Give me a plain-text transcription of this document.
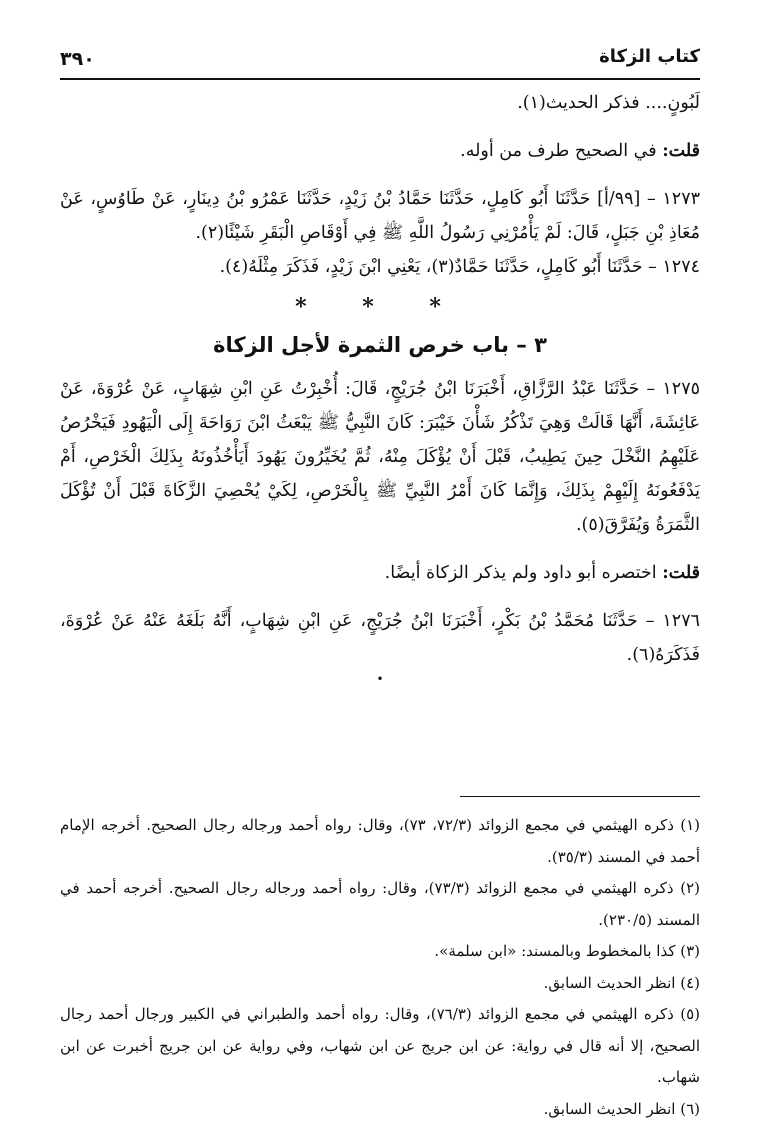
كتاب الزكاة
٣٩٠

لَبُونٍ.... فذكر الحديث(١).

قلت: في الصحيح طرف من أوله.

١٢٧٣ – [٩٩/أ] حَدَّثَنَا أَبُو كَامِلٍ، حَدَّثَنَا حَمَّادُ بْنُ زَيْدٍ، حَدَّثَنَا عَمْرُو بْنُ دِينَارٍ، عَنْ طَاوُسٍ، عَنْ مُعَاذِ بْنِ جَبَلٍ، قَالَ: لَمْ يَأْمُرْنِي رَسُولُ اللَّهِ ﷺ فِي أَوْقَاصِ الْبَقَرِ شَيْئًا(٢).

١٢٧٤ – حَدَّثَنَا أَبُو كَامِلٍ، حَدَّثَنَا حَمَّادٌ(٣)، يَعْنِي ابْنَ زَيْدٍ، فَذَكَرَ مِثْلَهُ(٤).

* * *
٣ – باب خرص الثمرة لأجل الزكاة

١٢٧٥ – حَدَّثَنَا عَبْدُ الرَّزَّاقِ، أَخْبَرَنَا ابْنُ جُرَيْجٍ، قَالَ: أُخْبِرْتُ عَنِ ابْنِ شِهَابٍ، عَنْ عُرْوَةَ، عَنْ عَائِشَةَ، أَنَّهَا قَالَتْ وَهِيَ تَذْكُرُ شَأْنَ خَيْبَرَ: كَانَ النَّبِيُّ ﷺ يَبْعَثُ ابْنَ رَوَاحَةَ إِلَى الْيَهُودِ فَيَخْرُصُ عَلَيْهِمُ النَّخْلَ حِينَ يَطِيبُ، قَبْلَ أَنْ يُؤْكَلَ مِنْهُ، ثُمَّ يُخَيِّرُونَ يَهُودَ أَيَأْخُذُونَهُ بِذَلِكَ الْخَرْصِ، أَمْ يَدْفَعُونَهُ إِلَيْهِمْ بِذَلِكَ، وَإِنَّمَا كَانَ أَمْرُ النَّبِيِّ ﷺ بِالْخَرْصِ، لِكَيْ يُحْصِيَ الزَّكَاةَ قَبْلَ أَنْ تُؤْكَلَ الثَّمَرَةُ وَيُفَرَّقَ(٥).

قلت: اختصره أبو داود ولم يذكر الزكاة أيضًا.

١٢٧٦ – حَدَّثَنَا مُحَمَّدُ بْنُ بَكْرٍ، أَخْبَرَنَا ابْنُ جُرَيْجٍ، عَنِ ابْنِ شِهَابٍ، أَنَّهُ بَلَغَهُ عَنْهُ عَنْ عُرْوَةَ، فَذَكَرَهُ(٦).

•

(١) ذكره الهيثمي في مجمع الزوائد (٧٢/٣، ٧٣)، وقال: رواه أحمد ورجاله رجال الصحيح. أخرجه الإمام أحمد في المسند (٣٥/٣).

(٢) ذكره الهيثمي في مجمع الزوائد (٧٣/٣)، وقال: رواه أحمد ورجاله رجال الصحيح. أخرجه أحمد في المسند (٢٣٠/٥).

(٣) كذا بالمخطوط وبالمسند: «ابن سلمة».

(٤) انظر الحديث السابق.

(٥) ذكره الهيثمي في مجمع الزوائد (٧٦/٣)، وقال: رواه أحمد والطبراني في الكبير ورجال أحمد رجال الصحيح، إلا أنه قال في رواية: عن ابن جريج عن ابن شهاب، وفي رواية عن ابن جريج أخبرت عن ابن شهاب.

(٦) انظر الحديث السابق.
